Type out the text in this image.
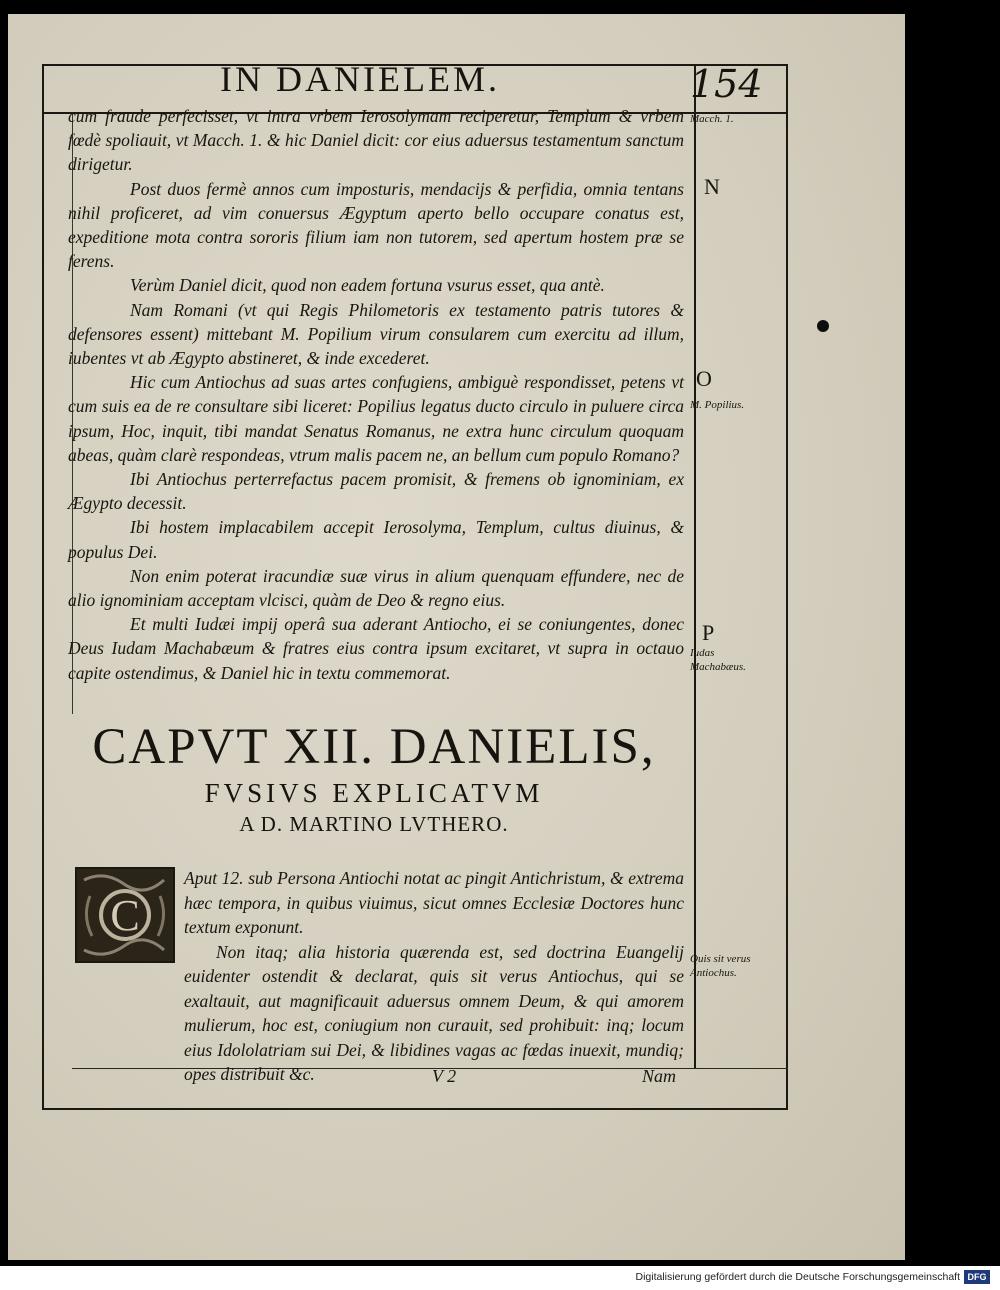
IN DANIELEM.	154

cum fraude perfecisset, vt intra vrbem Ierosolymam reciperetur, Templum & vrbem fœdè spoliauit, vt Macch. 1. & hic Daniel dicit: cor eius aduersus testamentum sanctum dirigetur.

Post duos fermè annos cum imposturis, mendacijs & perfidia, omnia tentans nihil proficeret, ad vim conuersus Ægyptum aperto bello occupare conatus est, expeditione mota contra sororis filium iam non tutorem, sed apertum hostem præ se ferens.

Verùm Daniel dicit, quod non eadem fortuna vsurus esset, qua antè.

Nam Romani (vt qui Regis Philometoris ex testamento patris tutores & defensores essent) mittebant M. Popilium virum consularem cum exercitu ad illum, iubentes vt ab Ægypto abstineret, & inde excederet.

Hic cum Antiochus ad suas artes confugiens, ambiguè respondisset, petens vt cum suis ea de re consultare sibi liceret: Popilius legatus ducto circulo in puluere circa ipsum, Hoc, inquit, tibi mandat Senatus Romanus, ne extra hunc circulum quoquam abeas, quàm clarè respondeas, vtrum malis pacem ne, an bellum cum populo Romano?

Ibi Antiochus perterrefactus pacem promisit, & fremens ob ignominiam, ex Ægypto decessit.

Ibi hostem implacabilem accepit Ierosolyma, Templum, cultus diuinus, & populus Dei.

Non enim poterat iracundiæ suæ virus in alium quenquam effundere, nec de alio ignominiam acceptam vlcisci, quàm de Deo & regno eius.

Et multi Iudæi impij operâ sua aderant Antiocho, ei se coniungentes, donec Deus Iudam Machabæum & fratres eius contra ipsum excitaret, vt supra in octauo capite ostendimus, & Daniel hic in textu commemorat.

CAPVT XII. DANIELIS,
FVSIVS EXPLICATVM
A D. MARTINO LVTHERO.
C

Aput 12. sub Persona Antiochi notat ac pingit Antichristum, & extrema hæc tempora, in quibus viuimus, sicut omnes Ecclesiæ Doctores hunc textum exponunt.

Non itaq; alia historia quærenda est, sed doctrina Euangelij euidenter ostendit & declarat, quis sit verus Antiochus, qui se exaltauit, aut magnificauit aduersus omnem Deum, & qui amorem mulierum, hoc est, coniugium non curauit, sed prohibuit: inq; locum eius Idololatriam sui Dei, & libidines vagas ac fœdas inuexit, mundiq; opes distribuit &c.

Macch. 1.
N
O
M. Popilius.
P
Iudas Machabæus.
Quis sit verus Antiochus.
V 2	Nam
Digitalisierung gefördert durch die Deutsche Forschungsgemeinschaft DFG
